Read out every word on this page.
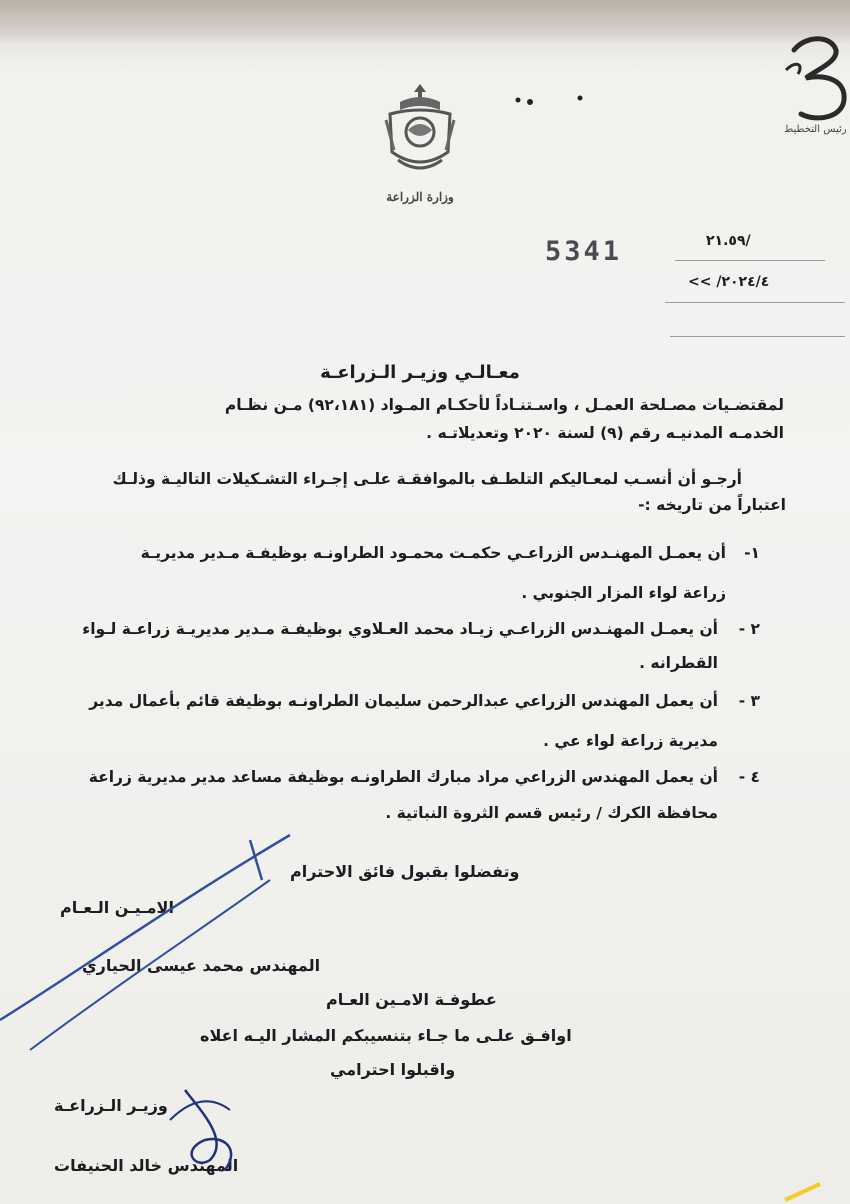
رئيس التخطيط
وزارة الزراعة
5341	/٢١.٥٩
٢٠٢٤/٤/ >>
معـالـي وزيـر الـزراعـة
لمقتضـيات مصـلحة العمـل ، واسـتنـاداً لأحكـام المـواد (٩٢،١٨١) مـن نظـام
الخدمـه المدنيـه رقم (٩) لسنة ٢٠٢٠ وتعديلاتـه .
أرجـو أن أنسـب لمعـاليكم التلطـف بالموافقـة علـى إجـراء التشـكيلات التاليـة وذلـك
اعتباراً من تاريخه :-
١-
أن يعمـل المهنـدس الزراعـي حكمـت محمـود الطراونـه بوظيفـة مـدير مديريـة
زراعة لواء المزار الجنوبي .
٢ -
أن يعمـل المهنـدس الزراعـي زيـاد محمد العـلاوي بوظيفـة مـدير مديريـة زراعـة لـواء
القطرانه .
٣ -
أن يعمل المهندس الزراعي عبدالرحمن سليمان الطراونـه بوظيفة قائم بأعمال مدير
مديرية زراعة لواء عي .
٤ -
أن يعمل المهندس الزراعي مراد مبارك الطراونـه بوظيفة مساعد مدير مديرية زراعة
محافظة الكرك / رئيس قسم الثروة النباتية .
وتفضلوا بقبول فائق الاحترام
الامـيـن الـعـام
المهندس محمد عيسى الحياري
عطوفـة الامـين العـام
اوافـق علـى ما جـاء بتنسيبكم المشار اليـه اعلاه
واقبلوا احترامي
وزيـر الـزراعـة
المهندس خالد الحنيفات
